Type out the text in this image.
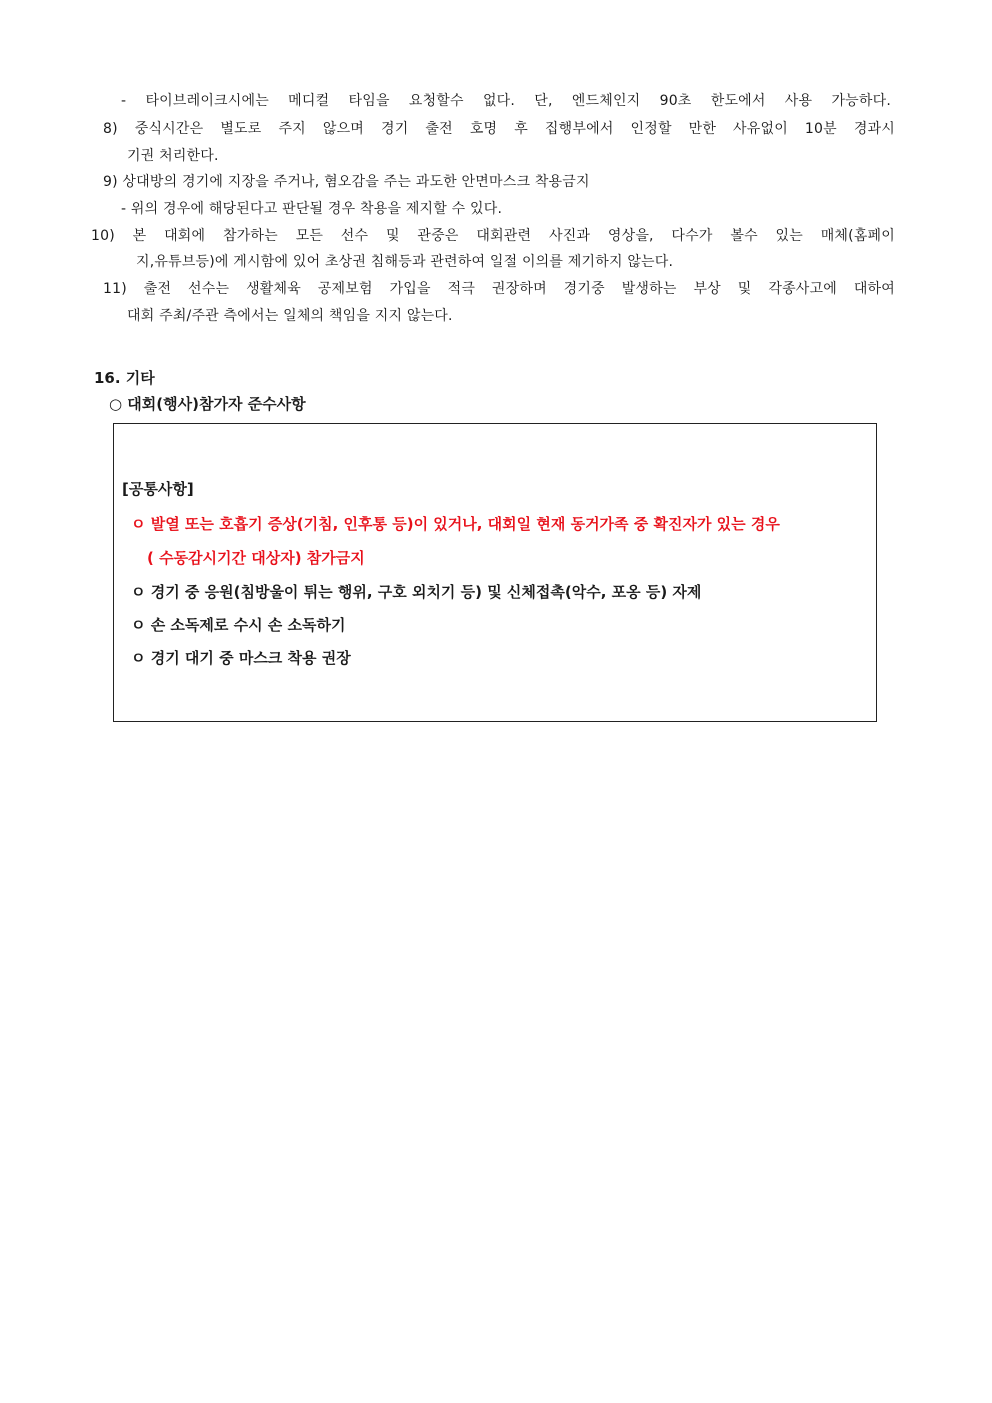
- 타이브레이크시에는 메디컬 타임을 요청할수 없다. 단, 엔드체인지 90초 한도에서 사용 가능하다.
8) 중식시간은 별도로 주지 않으며 경기 출전 호명 후 집행부에서 인정할 만한 사유없이 10분 경과시
기권 처리한다.
9) 상대방의 경기에 지장을 주거나, 혐오감을 주는 과도한 안면마스크 착용금지
- 위의 경우에 해당된다고 판단될 경우 착용을 제지할 수 있다.
10) 본 대회에 참가하는 모든 선수 및 관중은 대회관련 사진과 영상을, 다수가 볼수 있는 매체(홈페이
지,유튜브등)에 게시함에 있어 초상권 침해등과 관련하여 일절 이의를 제기하지 않는다.
11) 출전 선수는 생활체육 공제보험 가입을 적극 권장하며 경기중 발생하는 부상 및 각종사고에 대하여
대회 주최/주관 측에서는 일체의 책임을 지지 않는다.
16. 기타
○ 대회(행사)참가자 준수사항
[공통사항]
ㅇ 발열 또는 호흡기 증상(기침, 인후통 등)이 있거나, 대회일 현재 동거가족 중 확진자가 있는 경우
( 수동감시기간 대상자) 참가금지
ㅇ 경기 중 응원(침방울이 튀는 행위, 구호 외치기 등) 및 신체접촉(악수, 포옹 등) 자제
ㅇ 손 소독제로 수시 손 소독하기
ㅇ 경기 대기 중 마스크 착용 권장
